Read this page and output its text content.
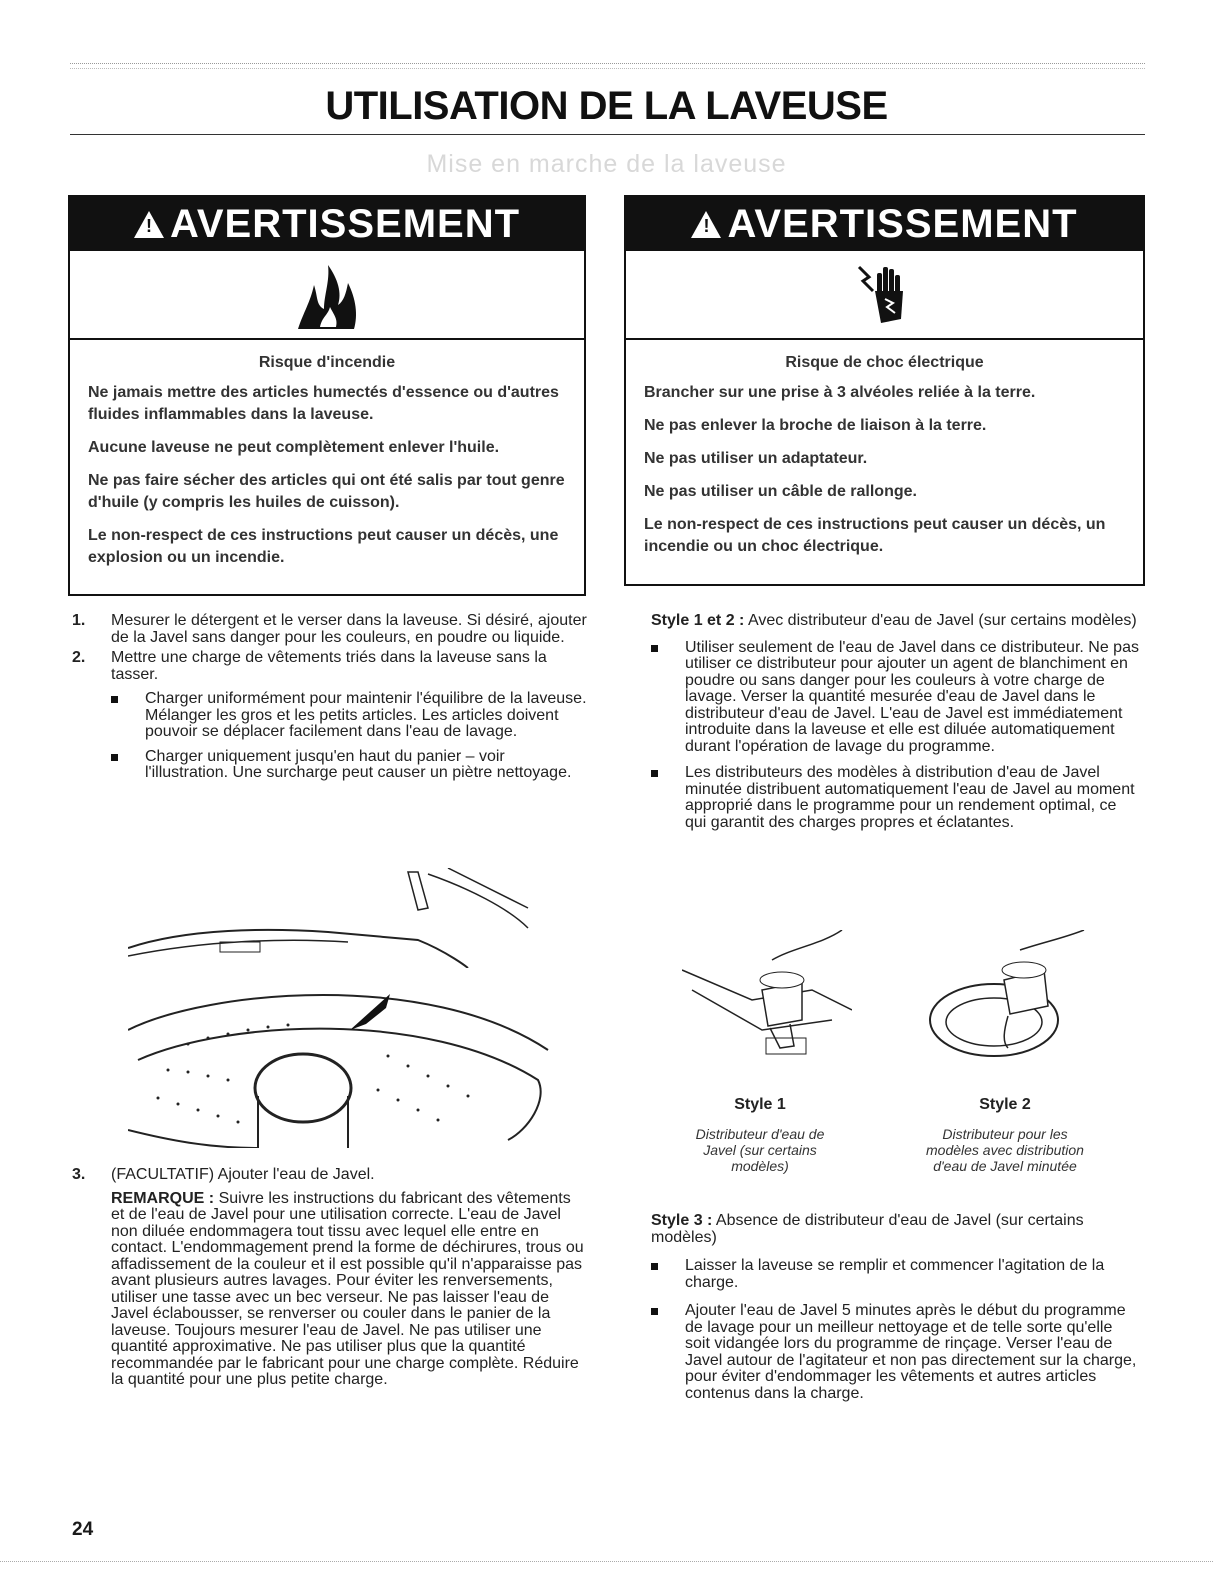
UTILISATION DE LA LAVEUSE
Mise en marche de la laveuse
!
AVERTISSEMENT

Risque d'incendie

Ne jamais mettre des articles humectés d'essence ou d'autres fluides inflammables dans la laveuse.

Aucune laveuse ne peut complètement enlever l'huile.

Ne pas faire sécher des articles qui ont été salis par tout genre d'huile (y compris les huiles de cuisson).

Le non-respect de ces instructions peut causer un décès, une explosion ou un incendie.

!
AVERTISSEMENT

Risque de choc électrique

Brancher sur une prise à 3 alvéoles reliée à la terre.

Ne pas enlever la broche de liaison à la terre.

Ne pas utiliser un adaptateur.

Ne pas utiliser un câble de rallonge.

Le non-respect de ces instructions peut causer un décès, un incendie ou un choc électrique.

1. Mesurer le détergent et le verser dans la laveuse. Si désiré, ajouter de la Javel sans danger pour les couleurs, en poudre ou liquide.
2. Mettre une charge de vêtements triés dans la laveuse sans la tasser.

Charger uniformément pour maintenir l'équilibre de la laveuse. Mélanger les gros et les petits articles. Les articles doivent pouvoir se déplacer facilement dans l'eau de lavage.

Charger uniquement jusqu'en haut du panier – voir l'illustration. Une surcharge peut causer un piètre nettoyage.

3. (FACULTATIF) Ajouter l'eau de Javel.

REMARQUE : Suivre les instructions du fabricant des vêtements et de l'eau de Javel pour une utilisation correcte. L'eau de Javel non diluée endommagera tout tissu avec lequel elle entre en contact. L'endommagement prend la forme de déchirures, trous ou affadissement de la couleur et il est possible qu'il n'apparaisse pas avant plusieurs autres lavages. Pour éviter les renversements, utiliser une tasse avec un bec verseur. Ne pas laisser l'eau de Javel éclabousser, se renverser ou couler dans le panier de la laveuse. Toujours mesurer l'eau de Javel. Ne pas utiliser une quantité approximative. Ne pas utiliser plus que la quantité recommandée par le fabricant pour une charge complète. Réduire la quantité pour une plus petite charge.

Style 1 et 2 : Avec distributeur d'eau de Javel (sur certains modèles)

Utiliser seulement de l'eau de Javel dans ce distributeur. Ne pas utiliser ce distributeur pour ajouter un agent de blanchiment en poudre ou sans danger pour les couleurs à votre charge de lavage. Verser la quantité mesurée d'eau de Javel dans le distributeur d'eau de Javel. L'eau de Javel est immédiatement introduite dans la laveuse et elle est diluée automatiquement durant l'opération de lavage du programme.

Les distributeurs des modèles à distribution d'eau de Javel minutée distribuent automatiquement l'eau de Javel au moment approprié dans le programme pour un rendement optimal, ce qui garantit des charges propres et éclatantes.

Style 1
Distributeur d'eau de Javel (sur certains modèles)
Style 2
Distributeur pour les modèles avec distribution d'eau de Javel minutée

Style 3 : Absence de distributeur d'eau de Javel (sur certains modèles)

Laisser la laveuse se remplir et commencer l'agitation de la charge.

Ajouter l'eau de Javel 5 minutes après le début du programme de lavage pour un meilleur nettoyage et de telle sorte qu'elle soit vidangée lors du programme de rinçage. Verser l'eau de Javel autour de l'agitateur et non pas directement sur la charge, pour éviter d'endommager les vêtements et autres articles contenus dans la charge.

24
